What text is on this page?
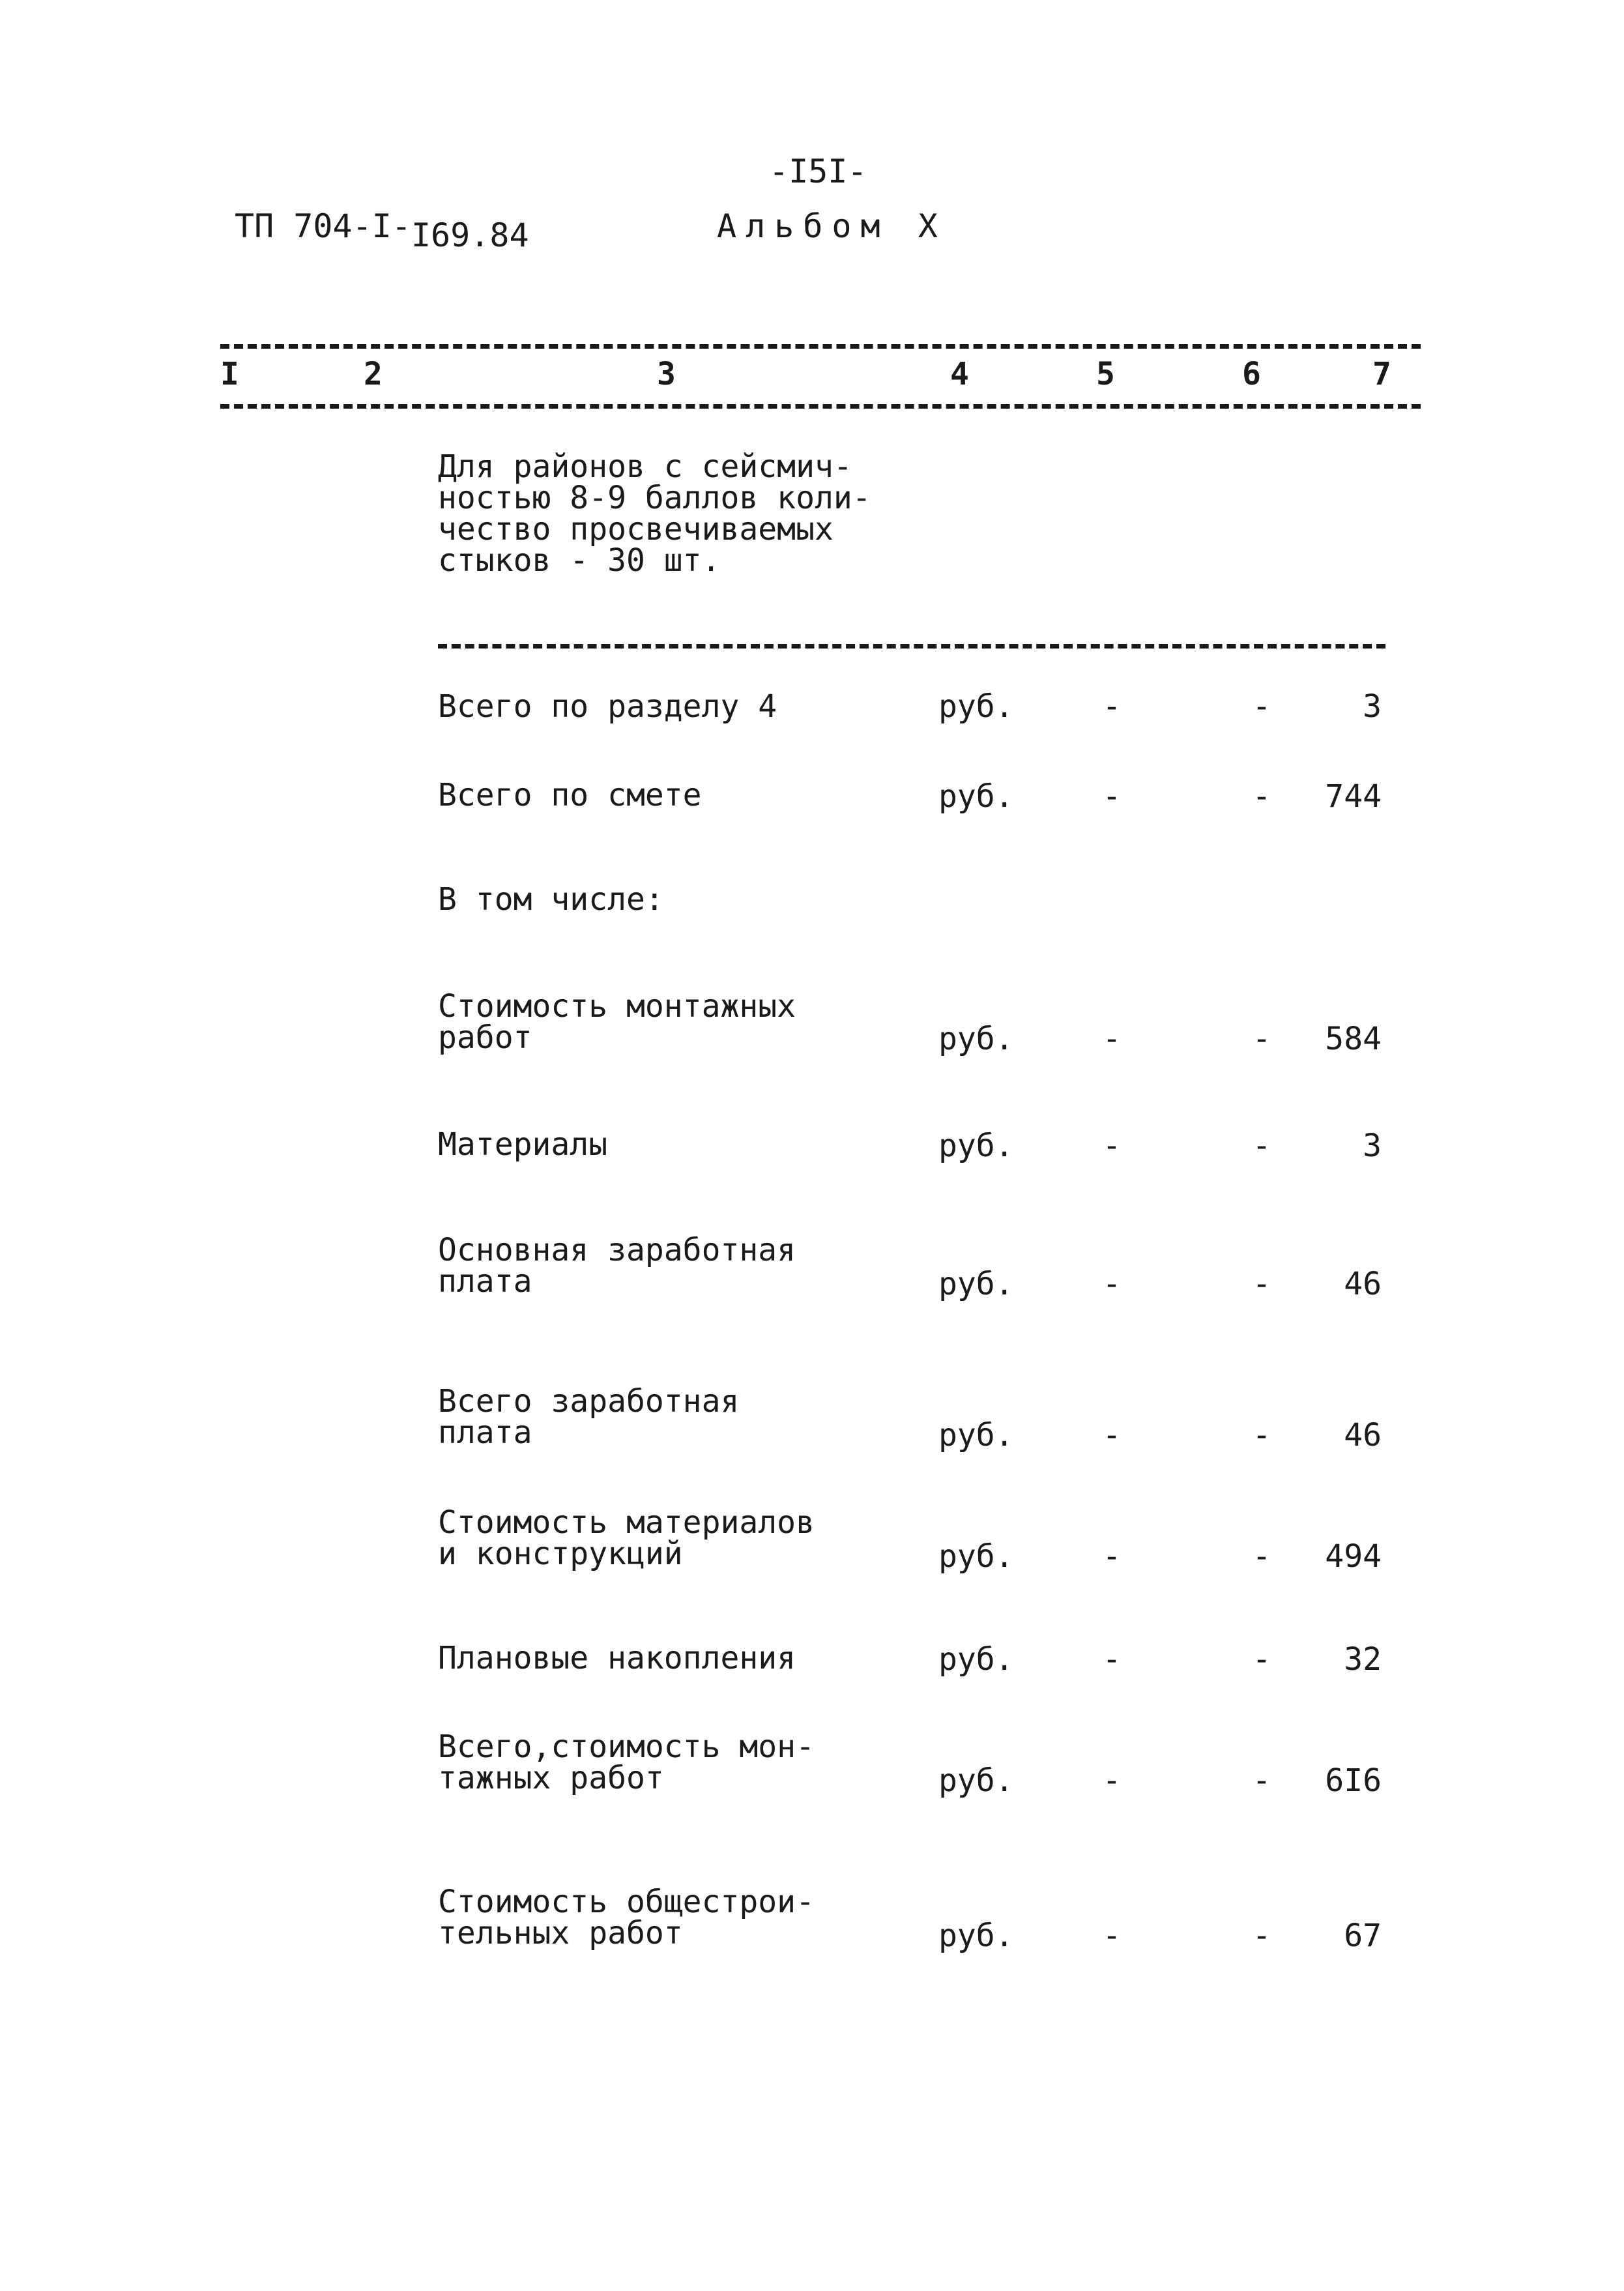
-I5I-
ТП 704-I-I69.84	Альбом Х
I	2	3	4	5	6	7
Для районов с сейсмич-
ностью 8-9 баллов коли-
чество просвечиваемых
стыков - 30 шт.
Всего по разделу 4	руб.	-	-	3
Всего по смете	руб.	-	-	744
В том числе:
Стоимость монтажных
работ	руб.	-	-	584
Материалы	руб.	-	-	3
Основная заработная
плата	руб.	-	-	46
Всего заработная
плата	руб.	-	-	46
Стоимость материалов
и конструкций	руб.	-	-	494
Плановые накопления	руб.	-	-	32
Всего,стоимость мон-
тажных работ	руб.	-	-	6I6
Стоимость общестрои-
тельных работ	руб.	-	-	67
